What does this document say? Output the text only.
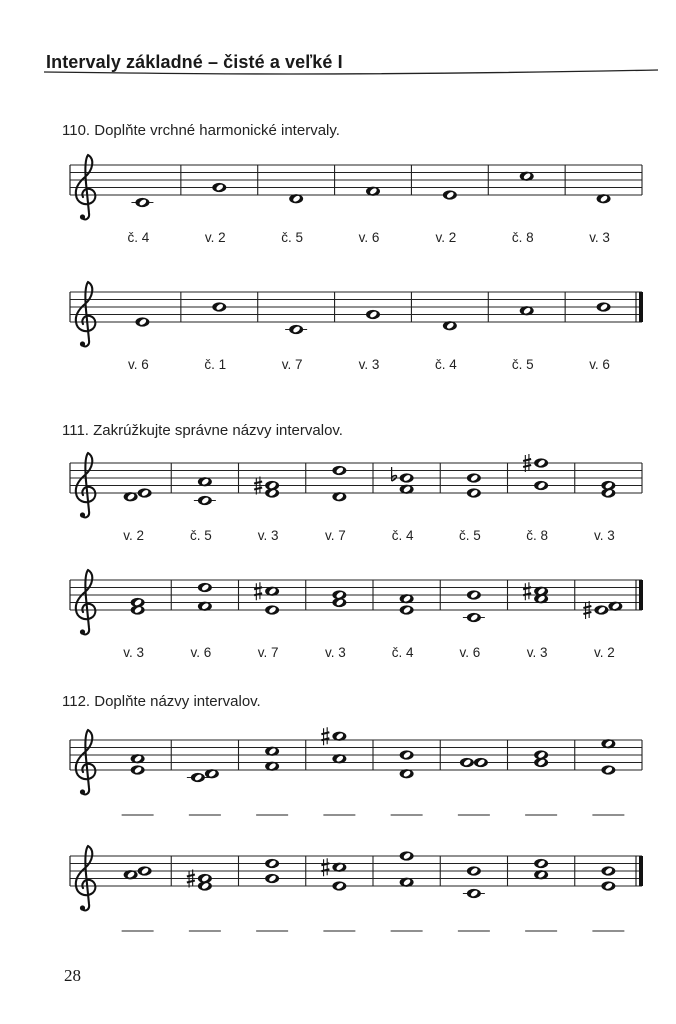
Intervaly základné – čisté a veľké I
110. Doplňte vrchné harmonické intervaly.
č. 4	v. 2	č. 5	v. 6	v. 2	č. 8	v. 3
v. 6	č. 1	v. 7	v. 3	č. 4	č. 5	v. 6
111. Zakrúžkujte správne názvy intervalov.
v. 2	č. 5	v. 3	v. 7	č. 4	č. 5	č. 8	v. 3
v. 3	v. 6	v. 7	v. 3	č. 4	v. 6	v. 3	v. 2
112. Doplňte názvy intervalov.
28
